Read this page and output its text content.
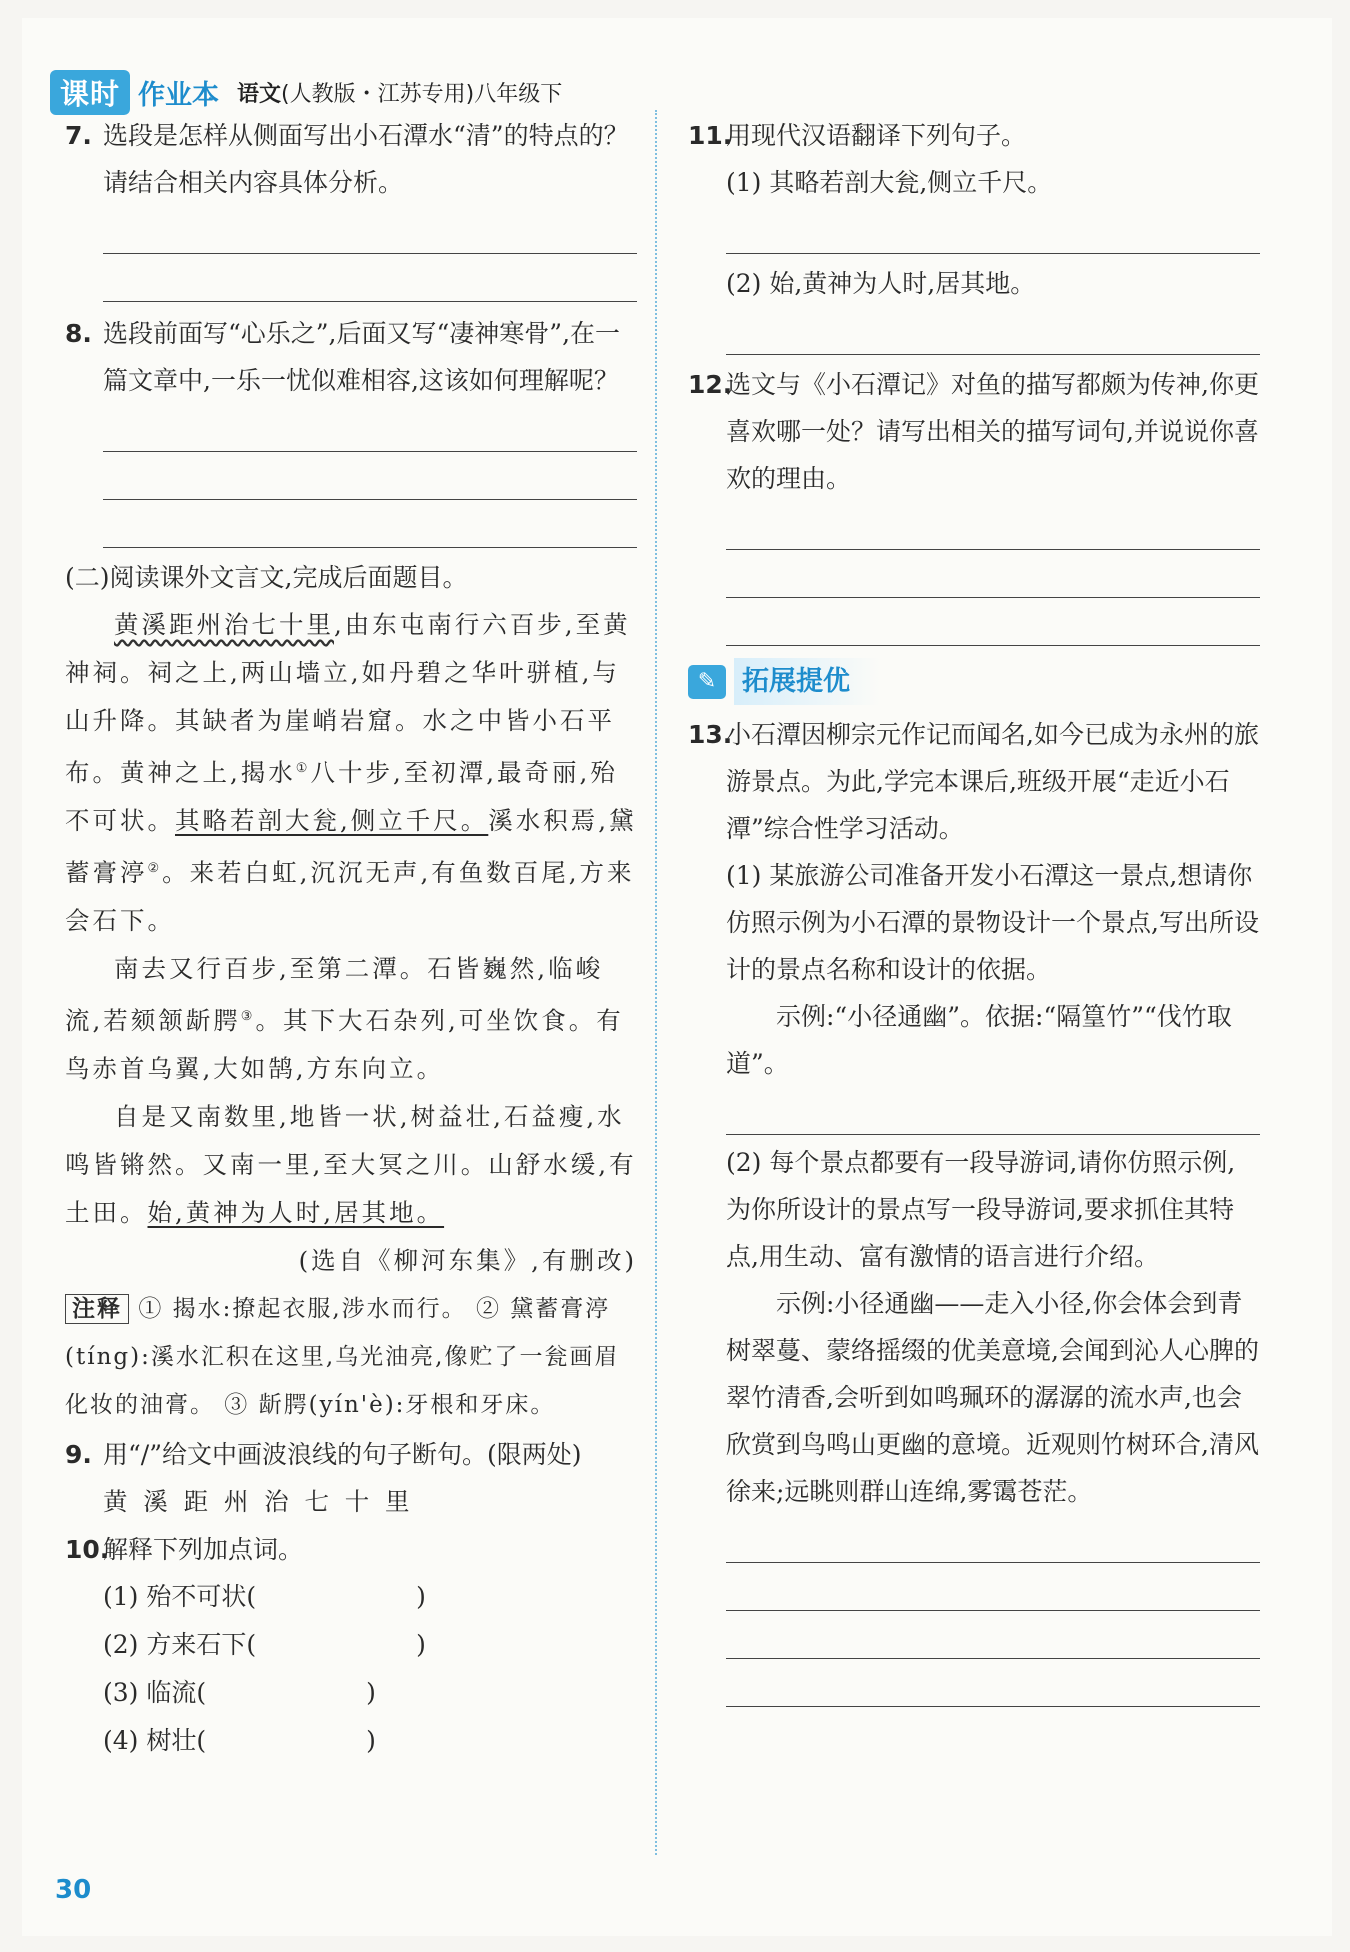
课时 作业本 语文(人教版・江苏专用)八年级下
7. 选段是怎样从侧面写出小石潭水“清”的特点的？请结合相关内容具体分析。
8. 选段前面写“心乐之”,后面又写“凄神寒骨”,在一篇文章中,一乐一忧似难相容,这该如何理解呢？
(二)阅读课外文言文,完成后面题目。
黄溪距州治七十里,由东屯南行六百步,至黄神祠。祠之上,两山墙立,如丹碧之华叶骈植,与山升降。其缺者为崖峭岩窟。水之中皆小石平布。黄神之上,揭水①八十步,至初潭,最奇丽,殆不可状。其略若剖大瓮,侧立千尺。溪水积焉,黛蓄膏渟②。来若白虹,沉沉无声,有鱼数百尾,方来会石下。
南去又行百步,至第二潭。石皆巍然,临峻流,若颏颔龂腭③。其下大石杂列,可坐饮食。有鸟赤首乌翼,大如鹄,方东向立。
自是又南数里,地皆一状,树益壮,石益瘦,水鸣皆锵然。又南一里,至大冥之川。山舒水缓,有土田。始,黄神为人时,居其地。
(选自《柳河东集》,有删改)
注释 ① 揭水:撩起衣服,涉水而行。 ② 黛蓄膏渟(tíng):溪水汇积在这里,乌光油亮,像贮了一瓮画眉化妆的油膏。 ③ 龂腭(yín'è):牙根和牙床。
9. 用“/”给文中画波浪线的句子断句。(限两处)
黄 溪 距 州 治 七 十 里
10.
解释下列加点词。
(1) 殆不可状(	)
(2) 方来石下(	)
(3) 临流(	)
(4) 树壮(	)
11.
用现代汉语翻译下列句子。
(1) 其略若剖大瓮,侧立千尺。
(2) 始,黄神为人时,居其地。
12.
选文与《小石潭记》对鱼的描写都颇为传神,你更喜欢哪一处？请写出相关的描写词句,并说说你喜欢的理由。
✎ 拓展提优
13.
小石潭因柳宗元作记而闻名,如今已成为永州的旅游景点。为此,学完本课后,班级开展“走近小石潭”综合性学习活动。
(1) 某旅游公司准备开发小石潭这一景点,想请你仿照示例为小石潭的景物设计一个景点,写出所设计的景点名称和设计的依据。
示例:“小径通幽”。依据:“隔篁竹”“伐竹取道”。
(2) 每个景点都要有一段导游词,请你仿照示例,为你所设计的景点写一段导游词,要求抓住其特点,用生动、富有激情的语言进行介绍。
示例:小径通幽——走入小径,你会体会到青树翠蔓、蒙络摇缀的优美意境,会闻到沁人心脾的翠竹清香,会听到如鸣珮环的潺潺的流水声,也会欣赏到鸟鸣山更幽的意境。近观则竹树环合,清风徐来;远眺则群山连绵,雾霭苍茫。
30
